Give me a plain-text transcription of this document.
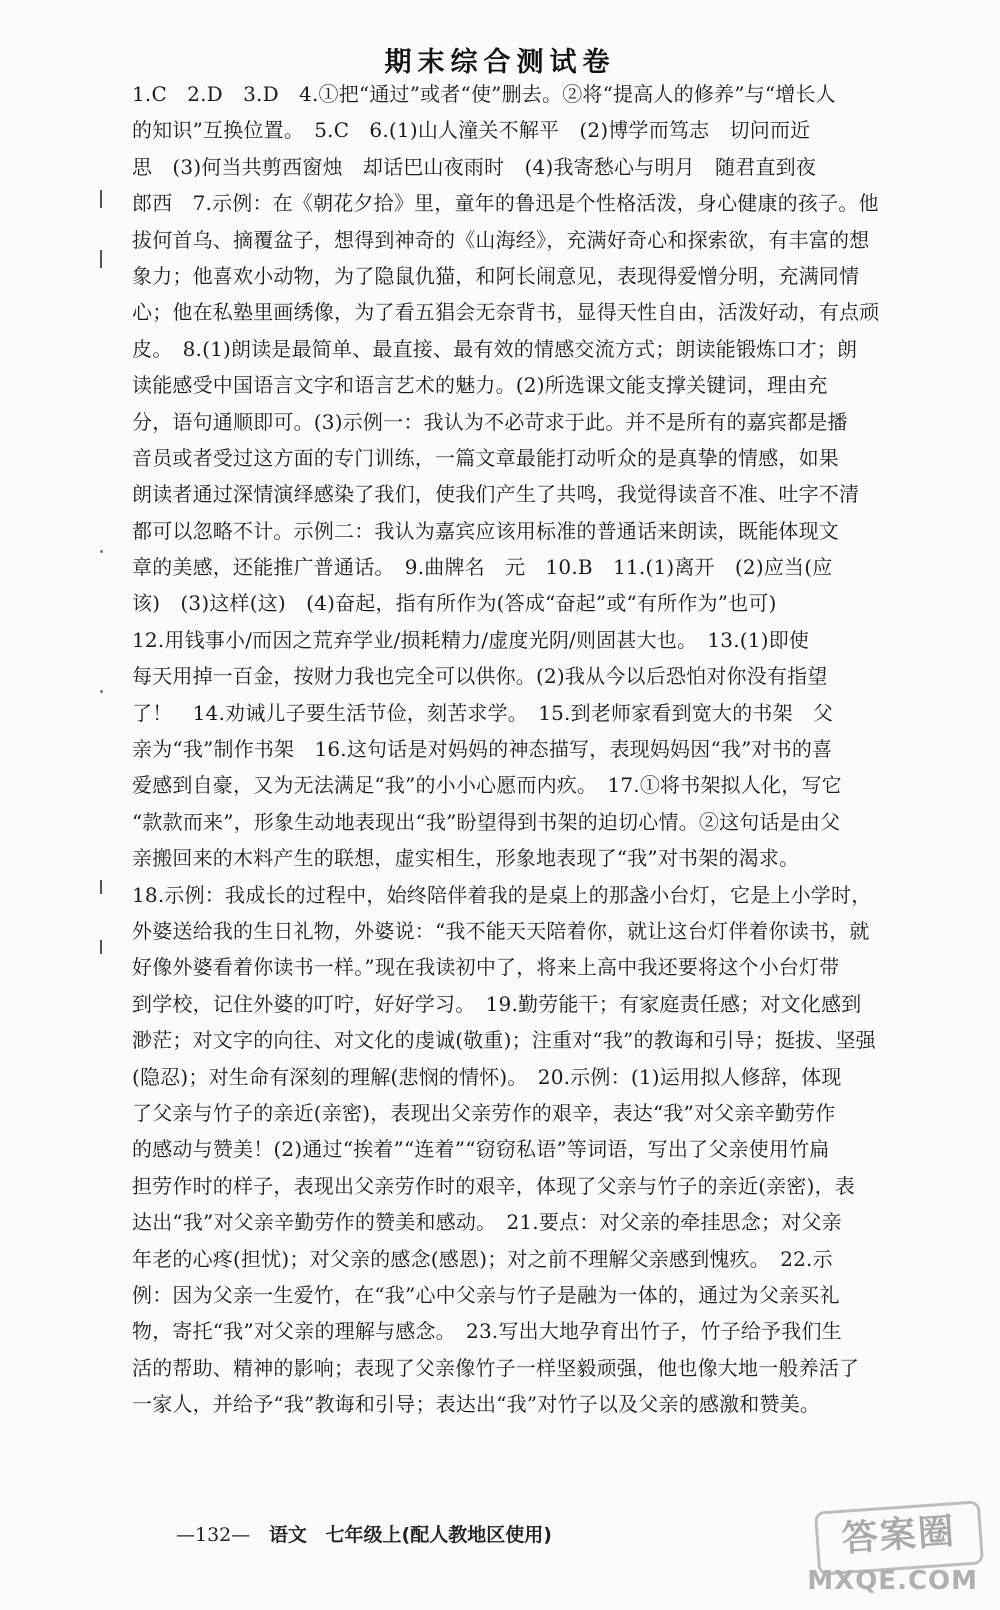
期末综合测试卷
1.C　2.D　3.D　4.①把“通过”或者“使”删去。②将“提高人的修养”与“增长人
的知识”互换位置。　5.C　6.(1)山人潼关不解平　(2)博学而笃志　切问而近
思　(3)何当共剪西窗烛　却话巴山夜雨时　(4)我寄愁心与明月　随君直到夜
郎西　7.示例：在《朝花夕拾》里，童年的鲁迅是个性格活泼，身心健康的孩子。他
拔何首乌、摘覆盆子，想得到神奇的《山海经》，充满好奇心和探索欲，有丰富的想
象力；他喜欢小动物，为了隐鼠仇猫，和阿长闹意见，表现得爱憎分明，充满同情
心；他在私塾里画绣像，为了看五猖会无奈背书，显得天性自由，活泼好动，有点顽
皮。　8.(1)朗读是最简单、最直接、最有效的情感交流方式；朗读能锻炼口才；朗
读能感受中国语言文字和语言艺术的魅力。(2)所选课文能支撑关键词，理由充
分，语句通顺即可。(3)示例一：我认为不必苛求于此。并不是所有的嘉宾都是播
音员或者受过这方面的专门训练，一篇文章最能打动听众的是真挚的情感，如果
朗读者通过深情演绎感染了我们，使我们产生了共鸣，我觉得读音不准、吐字不清
都可以忽略不计。示例二：我认为嘉宾应该用标准的普通话来朗读，既能体现文
章的美感，还能推广普通话。　9.曲牌名　元　10.B　11.(1)离开　(2)应当(应
该)　(3)这样(这)　(4)奋起，指有所作为(答成“奋起”或“有所作为”也可)
12.用钱事小/而因之荒弃学业/损耗精力/虚度光阴/则固甚大也。　13.(1)即使
每天用掉一百金，按财力我也完全可以供你。(2)我从今以后恐怕对你没有指望
了！　14.劝诫儿子要生活节俭，刻苦求学。　15.到老师家看到宽大的书架　父
亲为“我”制作书架　16.这句话是对妈妈的神态描写，表现妈妈因“我”对书的喜
爱感到自豪，又为无法满足“我”的小小心愿而内疚。　17.①将书架拟人化，写它
“款款而来”，形象生动地表现出“我”盼望得到书架的迫切心情。②这句话是由父
亲搬回来的木料产生的联想，虚实相生，形象地表现了“我”对书架的渴求。
18.示例：我成长的过程中，始终陪伴着我的是桌上的那盏小台灯，它是上小学时，
外婆送给我的生日礼物，外婆说：“我不能天天陪着你，就让这台灯伴着你读书，就
好像外婆看着你读书一样。”现在我读初中了，将来上高中我还要将这个小台灯带
到学校，记住外婆的叮咛，好好学习。　19.勤劳能干；有家庭责任感；对文化感到
渺茫；对文字的向往、对文化的虔诚(敬重)；注重对“我”的教诲和引导；挺拔、坚强
(隐忍)；对生命有深刻的理解(悲悯的情怀)。　20.示例：(1)运用拟人修辞，体现
了父亲与竹子的亲近(亲密)，表现出父亲劳作的艰辛，表达“我”对父亲辛勤劳作
的感动与赞美！(2)通过“挨着”“连着”“窃窃私语”等词语，写出了父亲使用竹扁
担劳作时的样子，表现出父亲劳作时的艰辛，体现了父亲与竹子的亲近(亲密)，表
达出“我”对父亲辛勤劳作的赞美和感动。　21.要点：对父亲的牵挂思念；对父亲
年老的心疼(担忧)；对父亲的感念(感恩)；对之前不理解父亲感到愧疚。　22.示
例：因为父亲一生爱竹，在“我”心中父亲与竹子是融为一体的，通过为父亲买礼
物，寄托“我”对父亲的理解与感念。　23.写出大地孕育出竹子，竹子给予我们生
活的帮助、精神的影响；表现了父亲像竹子一样坚毅顽强，他也像大地一般养活了
一家人，并给予“我”教诲和引导；表达出“我”对竹子以及父亲的感激和赞美。
—132— 语文 七年级上(配人教地区使用)	答案圈
MXQE.COM
